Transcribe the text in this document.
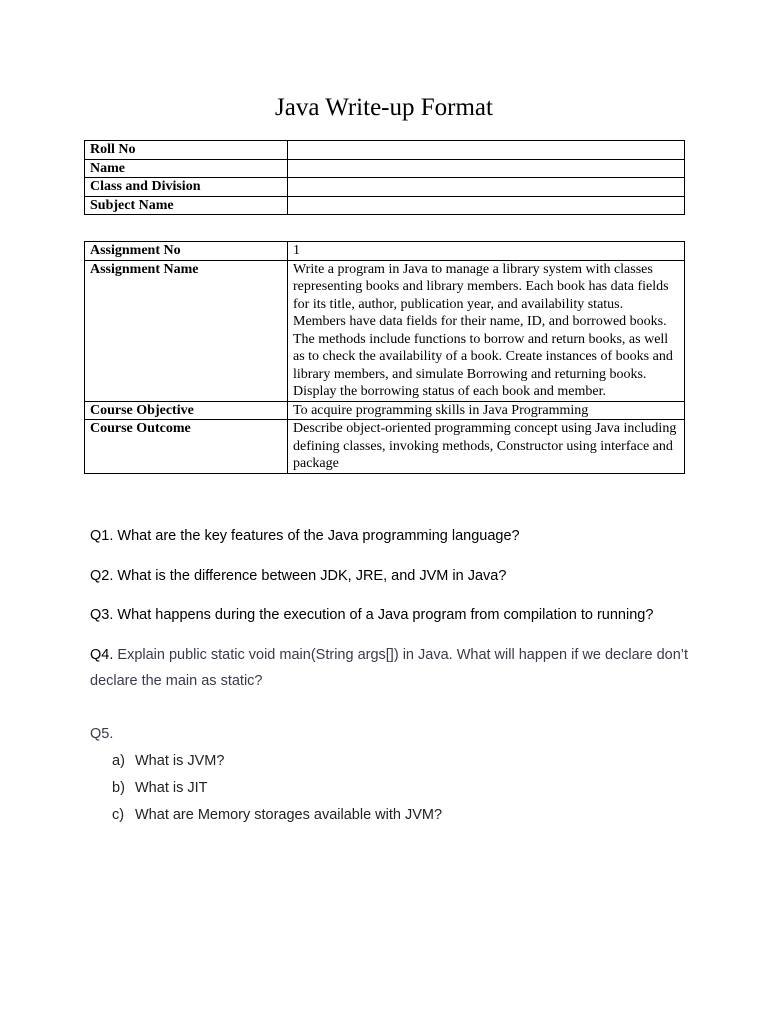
Java Write-up Format
Roll No	
Name	
Class and Division	
Subject Name	
Assignment No	1
Assignment Name	Write a program in Java to manage a library system with classes representing books and library members. Each book has data fields for its title, author, publication year, and availability status. Members have data fields for their name, ID, and borrowed books. The methods include functions to borrow and return books, as well as to check the availability of a book. Create instances of books and library members, and simulate Borrowing and returning books. Display the borrowing status of each book and member.
Course Objective	To acquire programming skills in Java Programming
Course Outcome	Describe object-oriented programming concept using Java including defining classes, invoking methods, Constructor using interface and package

Q1. What are the key features of the Java programming language?

Q2. What is the difference between JDK, JRE, and JVM in Java?

Q3. What happens during the execution of a Java program from compilation to running?

Q4. Explain public static void main(String args[]) in Java. What will happen if we declare don’t declare the main as static?

Q5.

a) What is JVM?
b) What is JIT
c) What are Memory storages available with JVM?
